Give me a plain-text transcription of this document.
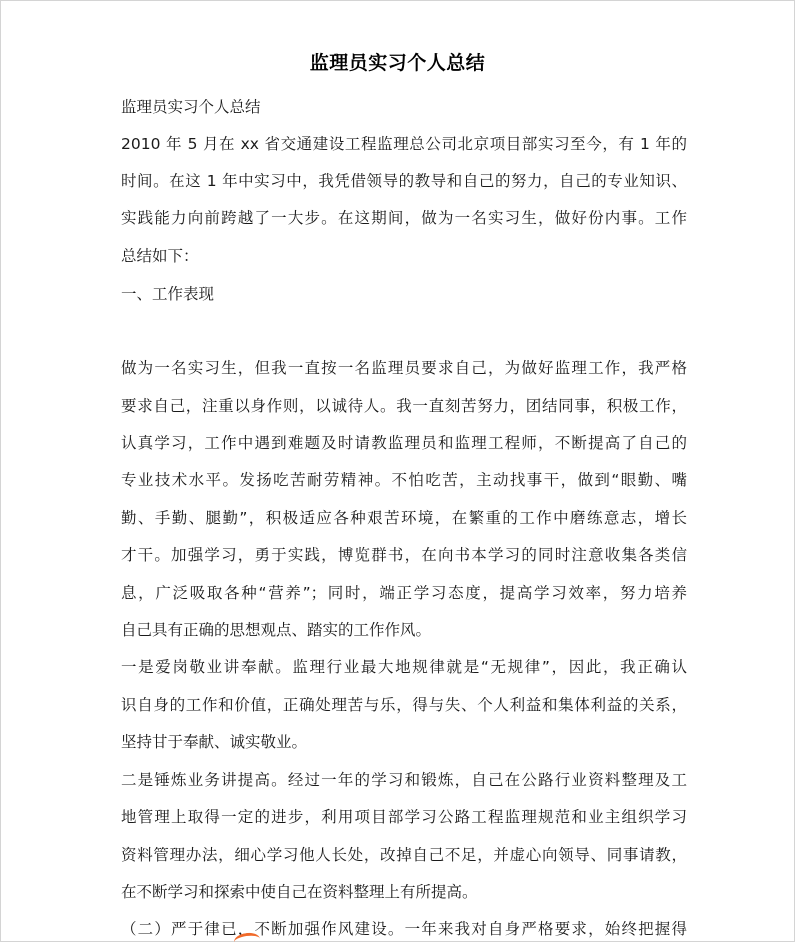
监理员实习个人总结
监理员实习个人总结
2010 年 5 月在 xx 省交通建设工程监理总公司北京项目部实习至今，有 1 年的
时间。在这 1 年中实习中，我凭借领导的教导和自己的努力，自己的专业知识、
实践能力向前跨越了一大步。在这期间，做为一名实习生，做好份内事。工作
总结如下：
一、工作表现
做为一名实习生，但我一直按一名监理员要求自己，为做好监理工作，我严格
要求自己，注重以身作则，以诚待人。我一直刻苦努力，团结同事，积极工作，
认真学习，工作中遇到难题及时请教监理员和监理工程师，不断提高了自己的
专业技术水平。发扬吃苦耐劳精神。不怕吃苦，主动找事干，做到“眼勤、嘴
勤、手勤、腿勤”，积极适应各种艰苦环境，在繁重的工作中磨练意志，增长
才干。加强学习，勇于实践，博览群书，在向书本学习的同时注意收集各类信
息，广泛吸取各种“营养”；同时，端正学习态度，提高学习效率，努力培养
自己具有正确的思想观点、踏实的工作作风。
一是爱岗敬业讲奉献。监理行业最大地规律就是“无规律”，因此，我正确认
识自身的工作和价值，正确处理苦与乐，得与失、个人利益和集体利益的关系，
坚持甘于奉献、诚实敬业。
二是锤炼业务讲提高。经过一年的学习和锻炼，自己在公路行业资料整理及工
地管理上取得一定的进步，利用项目部学习公路工程监理规范和业主组织学习
资料管理办法，细心学习他人长处，改掉自己不足，并虚心向领导、同事请教，
在不断学习和探索中使自己在资料整理上有所提高。
（二）严于律已，不断加强作风建设。一年来我对自身严格要求，始终把握得
